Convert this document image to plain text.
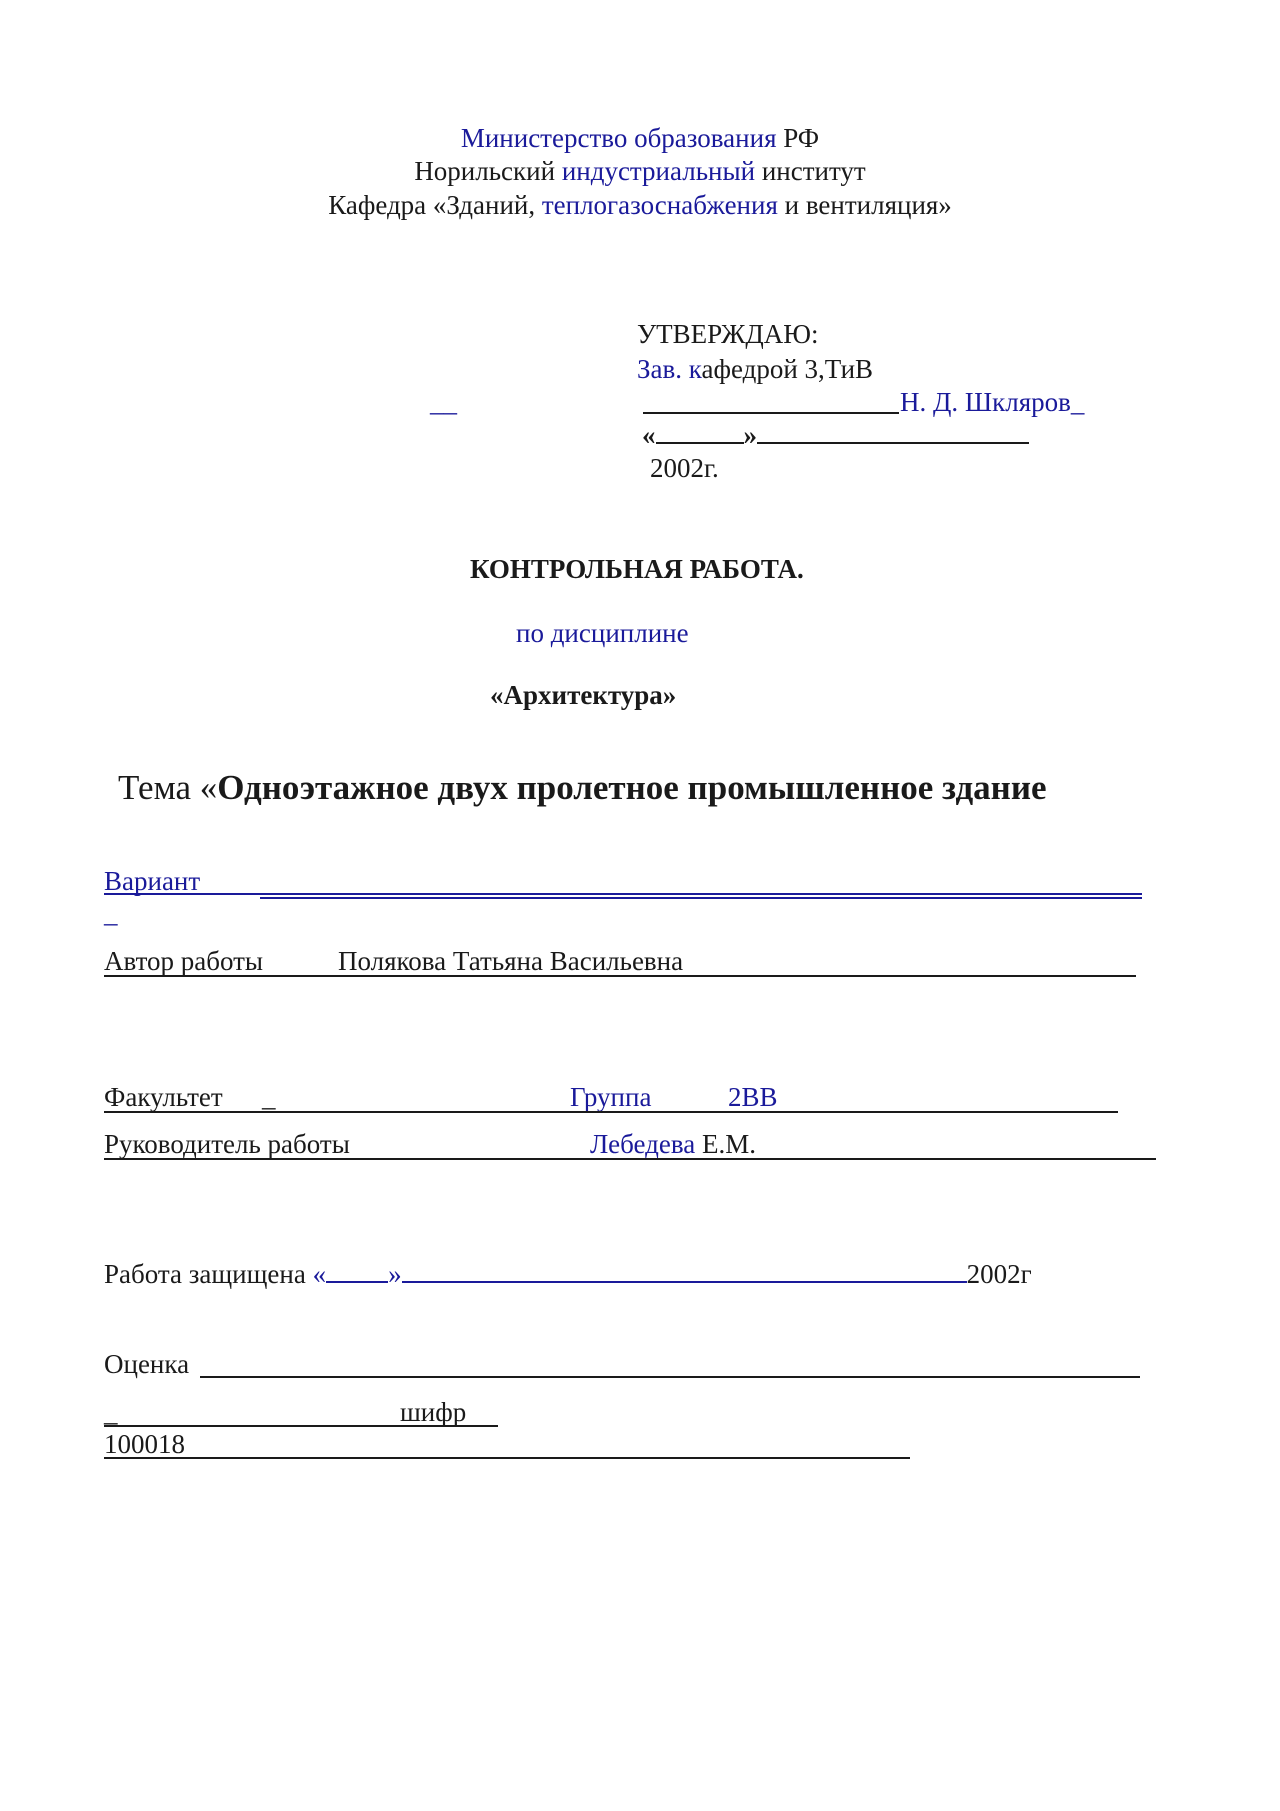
Министерство образования РФ
Норильский индустриальный институт
Кафедра «Зданий, теплогазоснабжения и вентиляция»
УТВЕРЖДАЮ:
Зав. кафедрой 3,ТиВ
__	Н. Д. Шкляров_
«	»
2002г.
КОНТРОЛЬНАЯ РАБОТА.
по дисциплине
«Архитектура»
Тема «Одноэтажное двух пролетное промышленное здание
Вариант
_
Автор работы	Полякова Татьяна Васильевна
Факультет _	Группа	2ВВ
Руководитель работы	Лебедева Е.М.
Работа защищена « »	2002г
Оценка
_	шифр
100018
